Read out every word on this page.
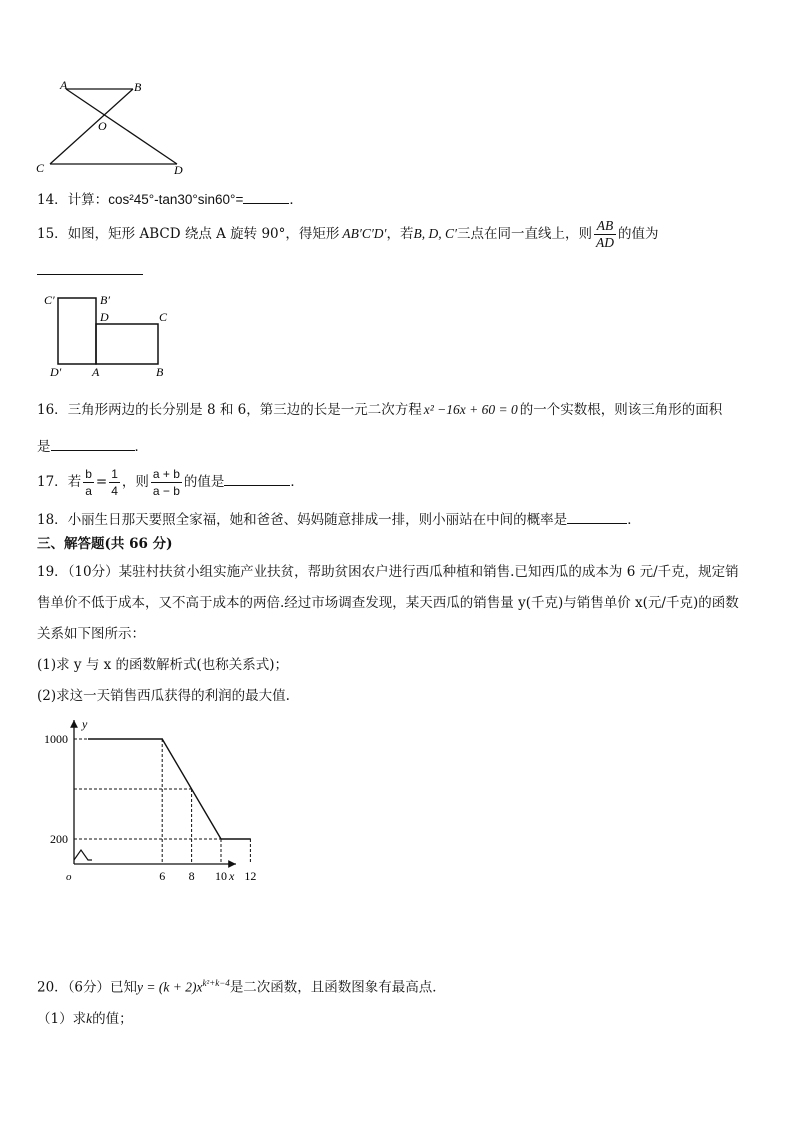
A	B
O
C	D
14．计算：cos²45°-tan30°sin60°=	．
15．如图，矩形 ABCD 绕点 A 旋转 90°，得矩形 AB′C′D′，若B, D, C′三点在同一直线上，则 $\frac{AB}{AD}$ 的值为
C′	B′
D	C
D′	A	B
16．三角形两边的长分别是 8 和 6，第三边的长是一元二次方程 x² −16x + 60 = 0 的一个实数根，则该三角形的面积
是	．
17．若 $\frac{b}{a} = \frac{1}{4}$ ，则 $\frac{a + b}{a - b}$ 的值是	．
18．小丽生日那天要照全家福，她和爸爸、妈妈随意排成一排，则小丽站在中间的概率是	．
三、解答题(共 66 分)
19．（10分）某驻村扶贫小组实施产业扶贫，帮助贫困农户进行西瓜种植和销售.已知西瓜的成本为 6 元/千克，规定销
售单价不低于成本，又不高于成本的两倍.经过市场调查发现，某天西瓜的销售量 y(千克)与销售单价 x(元/千克)的函数
关系如下图所示：
(1)求 y 与 x 的函数解析式(也称关系式)；
(2)求这一天销售西瓜获得的利润的最大值.
x
y
o	6 8 10 12
1000
200
20．（6分）已知$y = (k + 2)x^{k^2+k-4}$是二次函数，且函数图象有最高点．
（1）求k的值；
